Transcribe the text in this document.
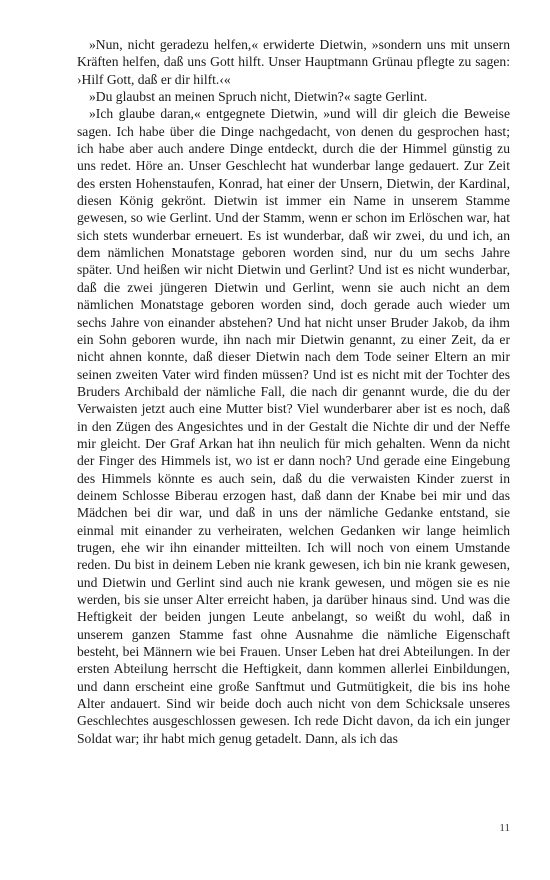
»Nun, nicht geradezu helfen,« erwiderte Dietwin, »sondern uns mit unsern Kräften helfen, daß uns Gott hilft. Unser Hauptmann Grünau pflegte zu sagen: ›Hilf Gott, daß er dir hilft.‹«

»Du glaubst an meinen Spruch nicht, Dietwin?« sagte Gerlint.

»Ich glaube daran,« entgegnete Dietwin, »und will dir gleich die Beweise sagen. Ich habe über die Dinge nachgedacht, von denen du gesprochen hast; ich habe aber auch andere Dinge entdeckt, durch die der Himmel günstig zu uns redet. Höre an. Unser Geschlecht hat wunderbar lange gedauert. Zur Zeit des ersten Hohenstaufen, Konrad, hat einer der Unsern, Dietwin, der Kardinal, diesen König gekrönt. Dietwin ist immer ein Name in unserem Stamme gewesen, so wie Gerlint. Und der Stamm, wenn er schon im Erlöschen war, hat sich stets wunderbar erneuert. Es ist wunderbar, daß wir zwei, du und ich, an dem nämlichen Monatstage geboren worden sind, nur du um sechs Jahre später. Und heißen wir nicht Dietwin und Gerlint? Und ist es nicht wunderbar, daß die zwei jüngeren Dietwin und Gerlint, wenn sie auch nicht an dem nämlichen Monatstage geboren worden sind, doch gerade auch wieder um sechs Jahre von einander abstehen? Und hat nicht unser Bruder Jakob, da ihm ein Sohn geboren wurde, ihn nach mir Dietwin genannt, zu einer Zeit, da er nicht ahnen konnte, daß dieser Dietwin nach dem Tode seiner Eltern an mir seinen zweiten Vater wird finden müssen? Und ist es nicht mit der Tochter des Bruders Archibald der nämliche Fall, die nach dir genannt wurde, die du der Verwaisten jetzt auch eine Mutter bist? Viel wunderbarer aber ist es noch, daß in den Zügen des Angesichtes und in der Gestalt die Nichte dir und der Neffe mir gleicht. Der Graf Arkan hat ihn neulich für mich gehalten. Wenn da nicht der Finger des Himmels ist, wo ist er dann noch? Und gerade eine Eingebung des Himmels könnte es auch sein, daß du die verwaisten Kinder zuerst in deinem Schlosse Biberau erzogen hast, daß dann der Knabe bei mir und das Mädchen bei dir war, und daß in uns der nämliche Gedanke entstand, sie einmal mit einander zu verheiraten, welchen Gedanken wir lange heimlich trugen, ehe wir ihn einander mitteilten. Ich will noch von einem Umstande reden. Du bist in deinem Leben nie krank gewesen, ich bin nie krank gewesen, und Dietwin und Gerlint sind auch nie krank gewesen, und mögen sie es nie werden, bis sie unser Alter erreicht haben, ja darüber hinaus sind. Und was die Heftigkeit der beiden jungen Leute anbelangt, so weißt du wohl, daß in unserem ganzen Stamme fast ohne Ausnahme die nämliche Eigenschaft besteht, bei Männern wie bei Frauen. Unser Leben hat drei Abteilungen. In der ersten Abteilung herrscht die Heftigkeit, dann kommen allerlei Einbildungen, und dann erscheint eine große Sanftmut und Gutmütigkeit, die bis ins hohe Alter andauert. Sind wir beide doch auch nicht von dem Schicksale unseres Geschlechtes ausgeschlossen gewesen. Ich rede Dicht davon, da ich ein junger Soldat war; ihr habt mich genug getadelt. Dann, als ich das

11
